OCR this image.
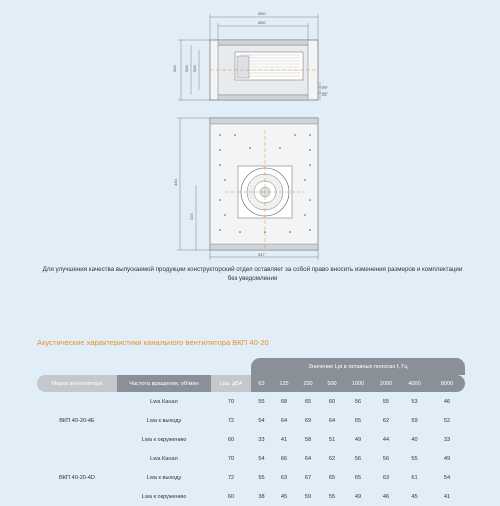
Ø00
Ø00
000 000 000
20
25
440
225
347
Для улучшения качества выпускаемой продукции конструкторский отдел оставляет за собой право вносить изменения размеров и комплектации без уведомления
Акустические характеристики канального вентилятора ВКП 40-20
			Значение Lpi в октавных полосах f, Гц							
Марка вентилятора	Частота вращения, об/мин	Lpa, дБА	63	125	250	500	1000	2000	4000	8000
	Lwa Канал	70	55	68	65	60	56	55	53	46
ВКП 40-20-4Е	Lwa к выходу	72	54	64	69	64	65	62	59	52
	Lwa к окружению	60	33	41	58	51	49	44	40	33
	Lwa Канал	70	54	66	64	62	56	56	55	49
ВКП 40-20-4D	Lwa к выходу	72	55	63	67	65	65	63	61	54
	Lwa к окружению	60	38	45	59	55	49	46	45	41
